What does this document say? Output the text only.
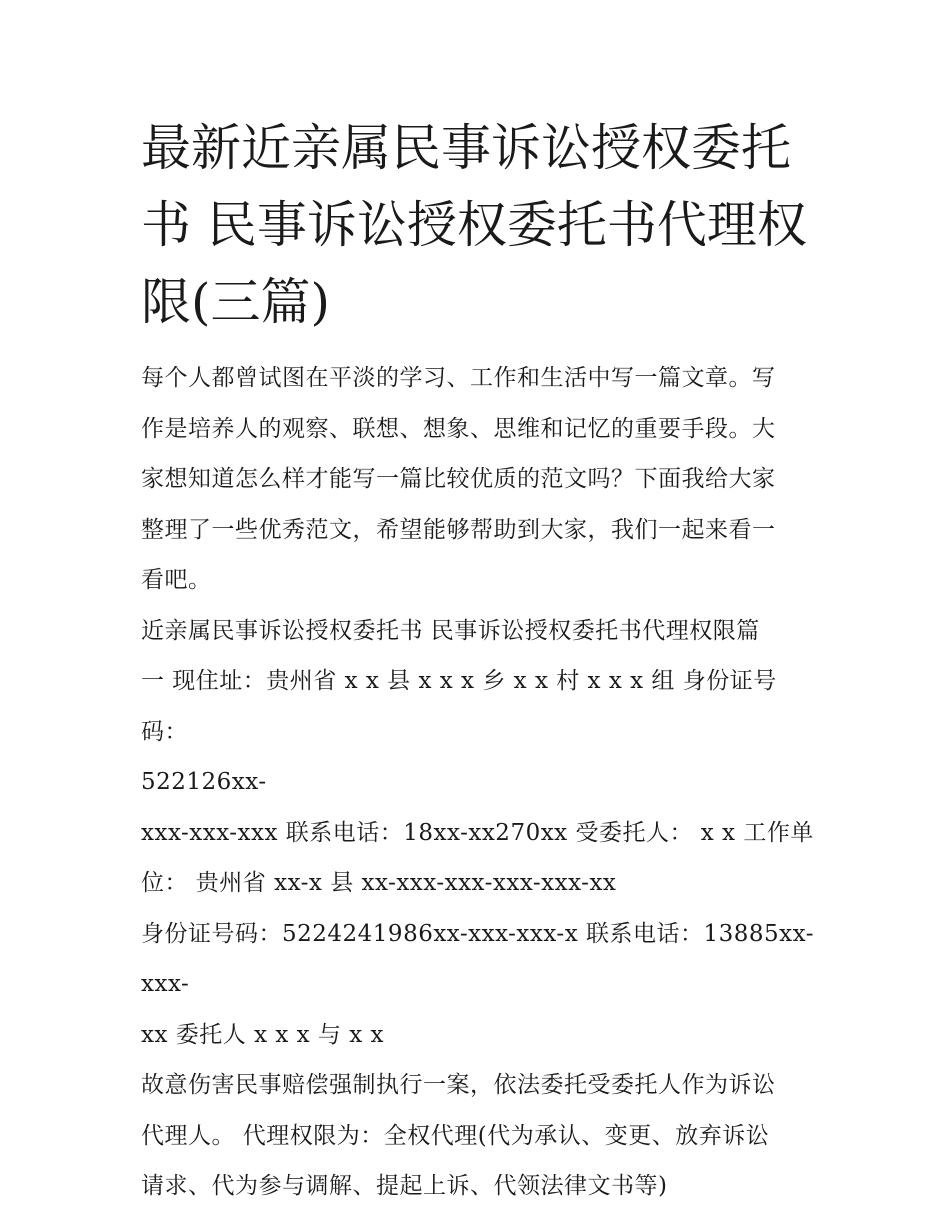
最新近亲属民事诉讼授权委托
书 民事诉讼授权委托书代理权
限(三篇)

每个人都曾试图在平淡的学习、工作和生活中写一篇文章。写
作是培养人的观察、联想、想象、思维和记忆的重要手段。大
家想知道怎么样才能写一篇比较优质的范文吗？下面我给大家
整理了一些优秀范文，希望能够帮助到大家，我们一起来看一
看吧。

近亲属民事诉讼授权委托书 民事诉讼授权委托书代理权限篇
一 现住址：贵州省 x x 县 x x x 乡 x x 村 x x x 组 身份证号码：
522126xx-
xxx-xxx-xxx 联系电话：18xx-xx270xx 受委托人： x x 工作单
位： 贵州省 xx-x 县 xx-xxx-xxx-xxx-xxx-xx
身份证号码：5224241986xx-xxx-xxx-x 联系电话：13885xx-xxx-
xx 委托人 x x x 与 x x
故意伤害民事赔偿强制执行一案，依法委托受委托人作为诉讼
代理人。 代理权限为：全权代理(代为承认、变更、放弃诉讼
请求、代为参与调解、提起上诉、代领法律文书等)
